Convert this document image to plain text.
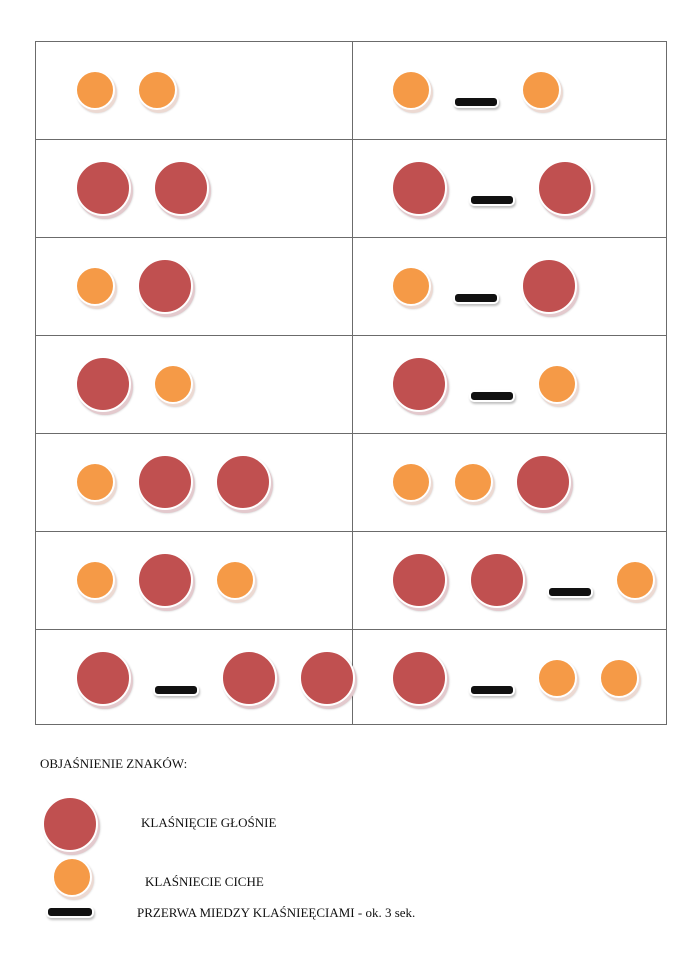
OBJAŚNIENIE ZNAKÓW:
KLAŚNIĘCIE GŁOŚNIE
KLAŚNIECIE CICHE
PRZERWA MIEDZY KLAŚNIEĘCIAMI - ok. 3 sek.
